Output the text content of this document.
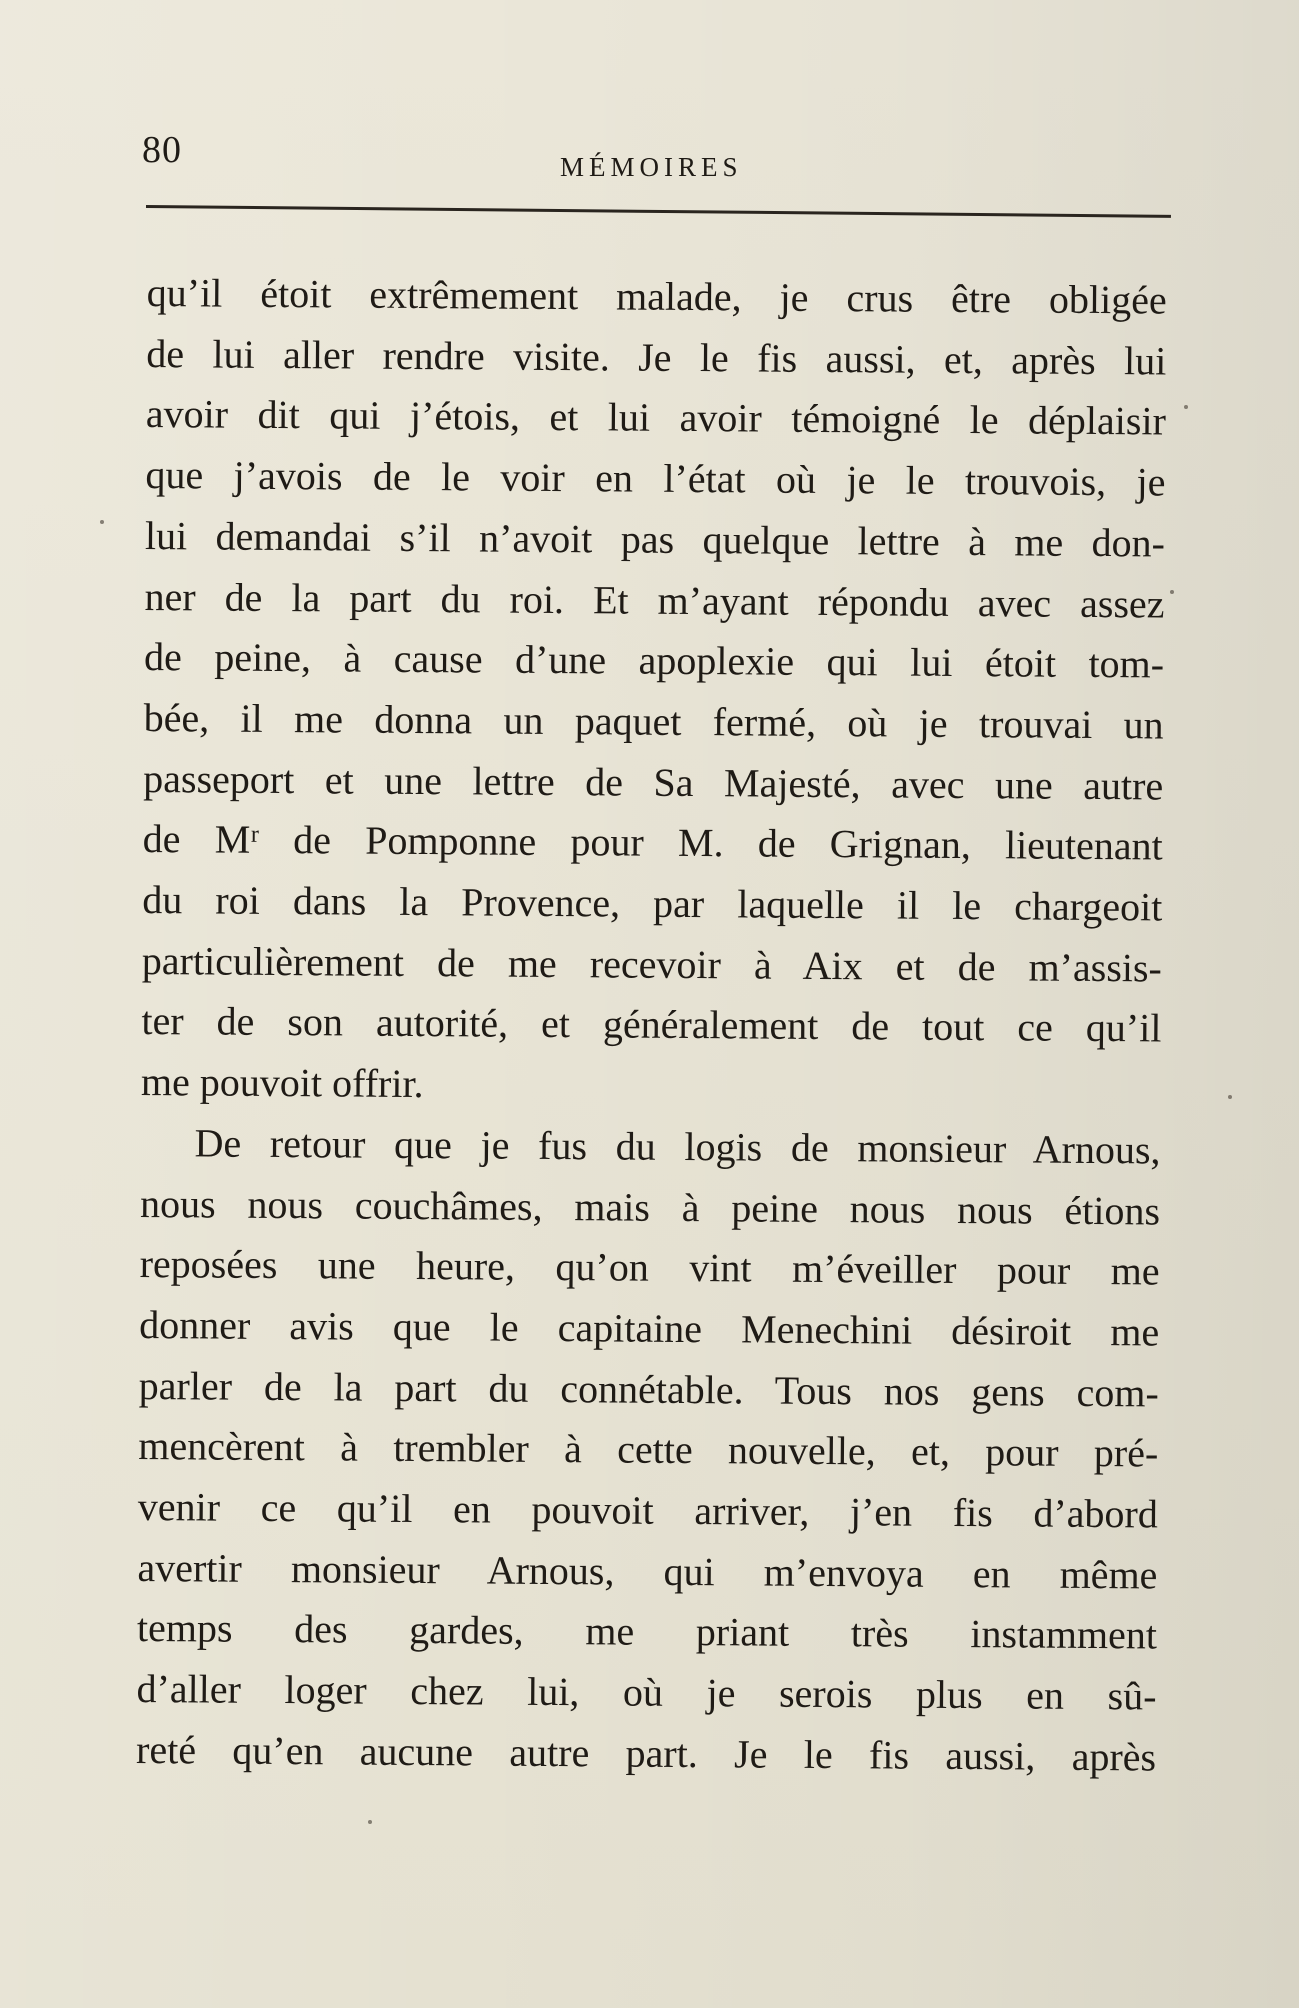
80	MÉMOIRES
qu’il étoit extrêmement malade, je crus être obligée
de lui aller rendre visite. Je le fis aussi, et, après lui
avoir dit qui j’étois, et lui avoir témoigné le déplaisir
que j’avois de le voir en l’état où je le trouvois, je
lui demandai s’il n’avoit pas quelque lettre à me don-
ner de la part du roi. Et m’ayant répondu avec assez
de peine, à cause d’une apoplexie qui lui étoit tom-
bée, il me donna un paquet fermé, où je trouvai un
passeport et une lettre de Sa Majesté, avec une autre
de Mʳ de Pomponne pour M. de Grignan, lieutenant
du roi dans la Provence, par laquelle il le chargeoit
particulièrement de me recevoir à Aix et de m’assis-
ter de son autorité, et généralement de tout ce qu’il
me pouvoit offrir.
De retour que je fus du logis de monsieur Arnous,
nous nous couchâmes, mais à peine nous nous étions
reposées une heure, qu’on vint m’éveiller pour me
donner avis que le capitaine Menechini désiroit me
parler de la part du connétable. Tous nos gens com-
mencèrent à trembler à cette nouvelle, et, pour pré-
venir ce qu’il en pouvoit arriver, j’en fis d’abord
avertir monsieur Arnous, qui m’envoya en même
temps des gardes, me priant très instamment
d’aller loger chez lui, où je serois plus en sû-
reté qu’en aucune autre part. Je le fis aussi, après
